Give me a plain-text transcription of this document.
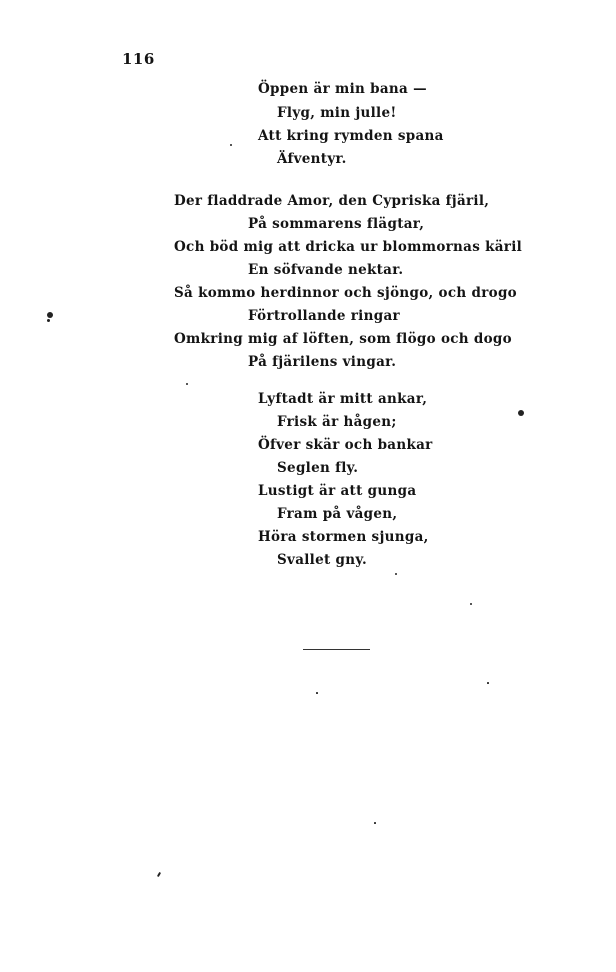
116
Öppen är min bana —
Flyg, min julle!
Att kring rymden spana
Äfventyr.
Der fladdrade Amor, den Cypriska fjäril,
På sommarens flägtar,
Och böd mig att dricka ur blommornas käril
En söfvande nektar.
Så kommo herdinnor och sjöngo, och drogo
Förtrollande ringar
Omkring mig af löften, som flögo och dogo
På fjärilens vingar.
Lyftadt är mitt ankar,
Frisk är hågen;
Öfver skär och bankar
Seglen fly.
Lustigt är att gunga
Fram på vågen,
Höra stormen sjunga,
Svallet gny.
